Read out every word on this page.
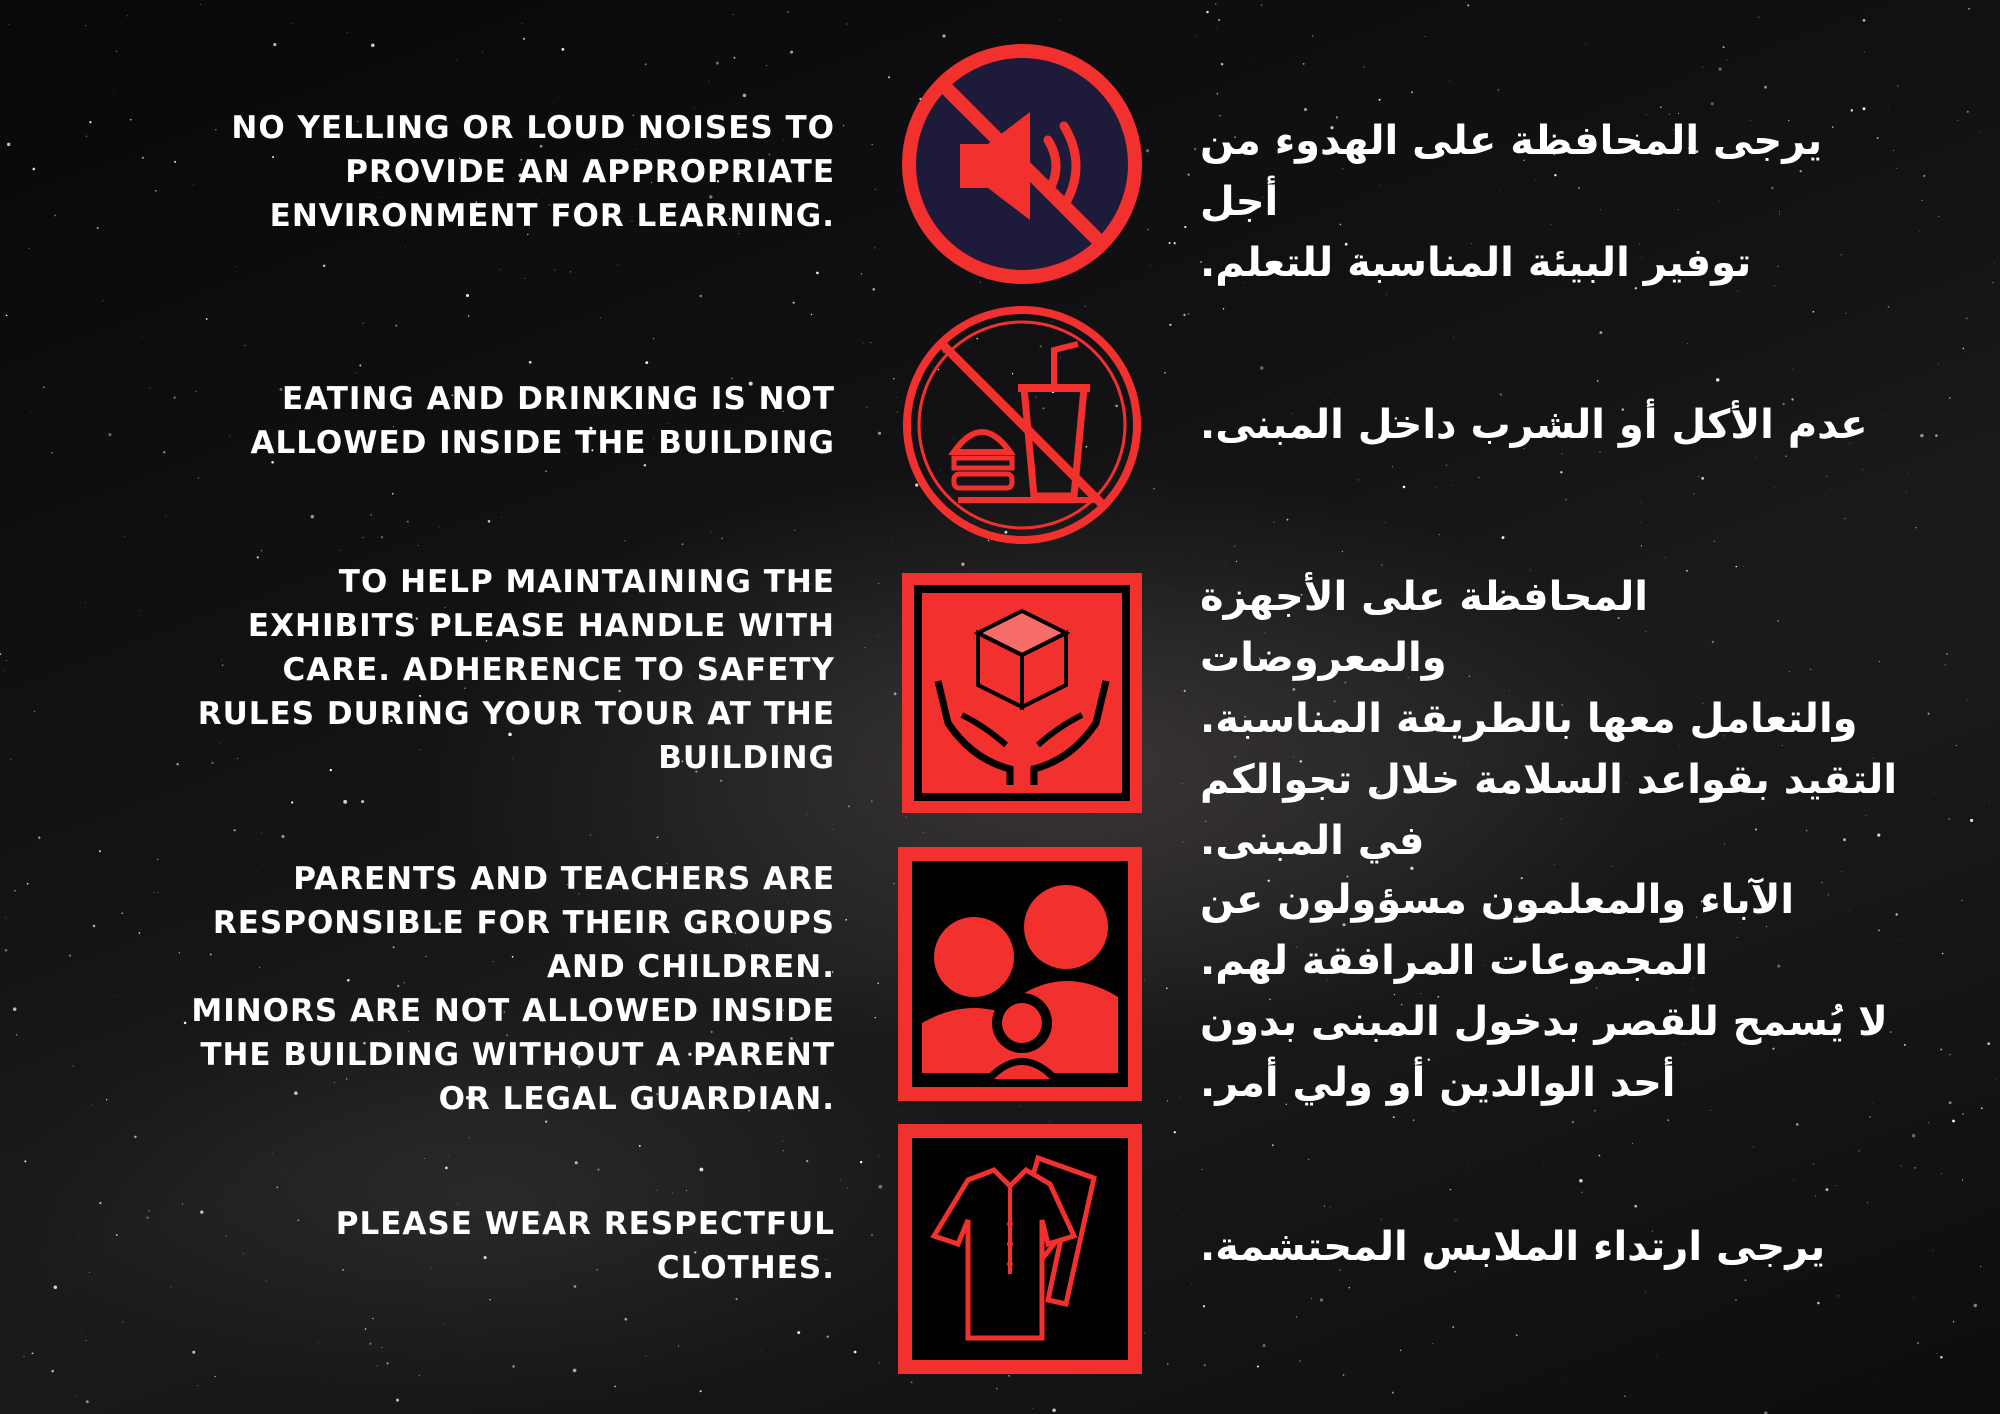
NO YELLING OR LOUD NOISES TO
PROVIDE AN APPROPRIATE
ENVIRONMENT FOR LEARNING.
يرجى المحافظة على الهدوء من أجل
توفير البيئة المناسبة للتعلم.
EATING AND DRINKING IS NOT
ALLOWED INSIDE THE BUILDING	عدم الأكل أو الشرب داخل المبنى.
TO HELP MAINTAINING THE
EXHIBITS PLEASE HANDLE WITH
CARE. ADHERENCE TO SAFETY
RULES DURING YOUR TOUR AT THE
BUILDING
المحافظة على الأجهزة والمعروضات
والتعامل معها بالطريقة المناسبة.
التقيد بقواعد السلامة خلال تجوالكم
في المبنى.
PARENTS AND TEACHERS ARE
RESPONSIBLE FOR THEIR GROUPS
AND CHILDREN.
MINORS ARE NOT ALLOWED INSIDE
THE BUILDING WITHOUT A PARENT
OR LEGAL GUARDIAN.
الآباء والمعلمون مسؤولون عن
المجموعات المرافقة لهم.
لا يُسمح للقصر بدخول المبنى بدون
أحد الوالدين أو ولي أمر.
PLEASE WEAR RESPECTFUL
CLOTHES.	يرجى ارتداء الملابس المحتشمة.
